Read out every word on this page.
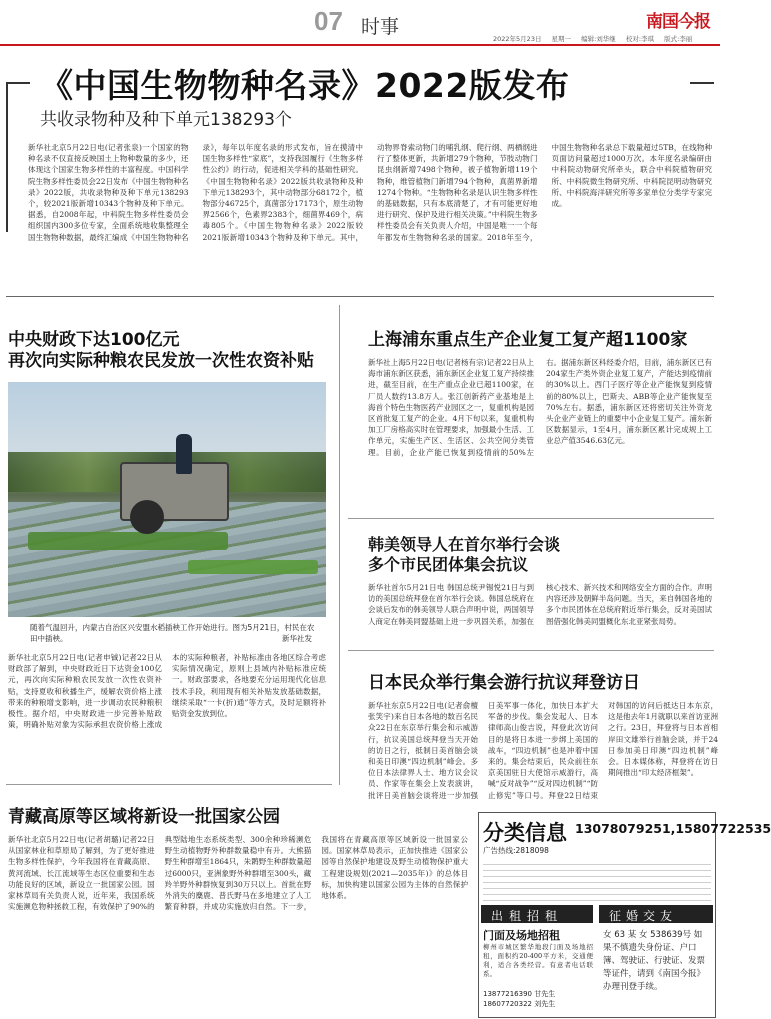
07 时事
2022年5月23日 星期一 编辑:刘华继 校对:李琪 版式:李丽
南国今报
《中国生物物种名录》2022版发布
共收录物种及种下单元138293个
新华社北京5月22日电(记者张泉)一个国家的物种名录不仅直接反映国土上物种数量的多少，还体现这个国家生物多样性的丰富程度。中国科学院生物多样性委员会22日发布《中国生物物种名录》2022版，共收录物种及种下单元138293个，较2021版新增10343个物种及种下单元。据悉，自2008年起，中科院生物多样性委员会组织国内300多位专家，全面系统地收集整理全国生物物种数据，最终汇编成《中国生物物种名录》，每年以年度名录的形式发布，旨在摸清中国生物多样性“家底”，支持我国履行《生物多样性公约》的行动，促进相关学科的基础性研究。《中国生物物种名录》2022版共收录物种及种下单元138293个，其中动物部分68172个，植物部分46725个，真菌部分17173个，原生动物界2566个，色素界2383个，细菌界469个，病毒805个。《中国生物物种名录》2022版较2021版新增10343个物种及种下单元。其中，动物界脊索动物门的哺乳纲、爬行纲、两栖纲进行了整体更新，共新增279个物种，节肢动物门昆虫纲新增7498个物种，被子植物新增119个物种，维管植物门新增794个物种，真菌界新增1274个物种。“生物物种名录是认识生物多样性的基础数据，只有本底清楚了，才有可能更好地进行研究、保护及进行相关决策。”中科院生物多样性委员会有关负责人介绍，中国是唯一一个每年都发布生物物种名录的国家。2018年至今，中国生物物种名录总下载量超过5TB，在线物种页面访问量超过1000万次。本年度名录编研由中科院动物研究所牵头，联合中科院植物研究所、中科院微生物研究所、中科院昆明动物研究所、中科院海洋研究所等多家单位分类学专家完成。
中央财政下达100亿元
再次向实际种粮农民发放一次性农资补贴
随着气温回升，内蒙古自治区兴安盟水稻插秧工作开始进行。图为5月21日，村民在农田中插秧。	新华社发
新华社北京5月22日电(记者申铖)记者22日从财政部了解到，中央财政近日下达资金100亿元，再次向实际种粮农民发放一次性农资补贴，支持夏收和秋播生产，缓解农资价格上涨带来的种粮增支影响，进一步调动农民种粮积极性。据介绍，中央财政进一步完善补贴政策，明确补贴对象为实际承担农资价格上涨成本的实际种粮者，补贴标准由各地区综合考虑实际情况确定，原则上县域内补贴标准应统一。财政部要求，各地要充分运用现代化信息技术手段，利用现有相关补贴发放基础数据，继续采取“一卡(折)通”等方式，及时足额将补贴资金发放到位。
青藏高原等区域将新设一批国家公园
新华社北京5月22日电(记者胡璐)记者22日从国家林业和草原局了解到，为了更好推进生物多样性保护，今年我国将在青藏高原、黄河流域、长江流域等生态区位重要和生态功能良好的区域，新设立一批国家公园。国家林草局有关负责人说，近年来，我国系统实施濒危物种拯救工程，有效保护了90%的典型陆地生态系统类型、300余种珍稀濒危野生动植物野外种群数量稳中有升。大熊猫野生种群增至1864只，朱鹮野生种群数量超过6000只，亚洲象野外种群增至300头，藏羚羊野外种群恢复到30万只以上。首批在野外消失的麋鹿、普氏野马在多地建立了人工繁育种群，并成功实施放归自然。下一步，我国将在青藏高原等区域新设一批国家公园。国家林草局表示，正加快推进《国家公园等自然保护地建设及野生动植物保护重大工程建设规划(2021—2035年)》的总体目标，加快构建以国家公园为主体的自然保护地体系。
上海浦东重点生产企业复工复产超1100家
新华社上海5月22日电(记者杨有宗)记者22日从上海市浦东新区获悉，浦东新区企业复工复产持续推进，截至目前，在生产重点企业已超1100家，在厂员人数约13.8万人。张江创新药产业基地是上海首个特色生物医药产业园区之一，复重机构是园区首批复工复产的企业。4月下旬以来，复重机构加工厂房格高实时在管理要求，加强最小生活、工作单元，实施生产区、生活区、公共空间分类管理。目前，企业产能已恢复到疫情前的50%左右。据浦东新区科经委介绍，目前，浦东新区已有204家生产类外资企业复工复产，产能达到疫情前的30%以上。西门子医疗等企业产能恢复到疫情前的80%以上，巴斯夫、ABB等企业产能恢复至70%左右。据悉，浦东新区还将密切关注外资龙头企业产业链上的重要中小企业复工复产。浦东新区数据显示，1至4月，浦东新区累计完成规上工业总产值3546.63亿元。
韩美领导人在首尔举行会谈
多个市民团体集会抗议
新华社首尔5月21日电 韩国总统尹锡悦21日与到访的美国总统拜登在首尔举行会谈。韩国总统府在会谈后发布的韩美领导人联合声明中说，两国领导人商定在韩美同盟基础上进一步巩固关系，加强在核心技术、新兴技术和网络安全方面的合作。声明内容还涉及朝鲜半岛问题。当天，来自韩国各地的多个市民团体在总统府附近举行集会，反对美国试图借强化韩美同盟概化东北亚紧张局势。
日本民众举行集会游行抗议拜登访日
新华社东京5月22日电(记者俞檀 张笑宇)来自日本各地的数百名民众22日在东京举行集会和示威游行，抗议美国总统拜登当天开始的访日之行，抵制日美首脑会谈和美日印澳“四边机制”峰会。多位日本法律界人士、地方议会议员、作家等在集会上发表演讲，批评日美首脑会谈将进一步加强日美军事一体化，加快日本扩大军备的步伐。集会发起人、日本律师高山俊吉说，拜登此次访问目的是将日本进一步绑上美国的战车，“四边机制”也是冲着中国来的。集会结束后，民众前往东京美国驻日大使馆示威游行，高喊“反对战争”“反对四边机制”“防止修宪”等口号。拜登22日结束对韩国的访问后抵达日本东京，这是他去年1月就职以来首访亚洲之行。23日，拜登将与日本首相岸田文雄举行首脑会谈，并于24日参加美日印澳“四边机制”峰会。日本媒体称，拜登将在访日期间推出“印太经济框架”。
分类信息 13078079251,15807722535
广告热线:2818098
出租招租
门面及场地招租
柳州市城区繁华地段门面及场地招租，面积约20-400平方米，交通便利，适合各类经营。有意者电话联系。
13877216390 甘先生 18607720322 刘先生
征婚交友
女 63 某 女 538639号 如果不慎遗失身份证、户口簿、驾驶证、行驶证、发票等证件，请到《南国今报》办理刊登手续。
